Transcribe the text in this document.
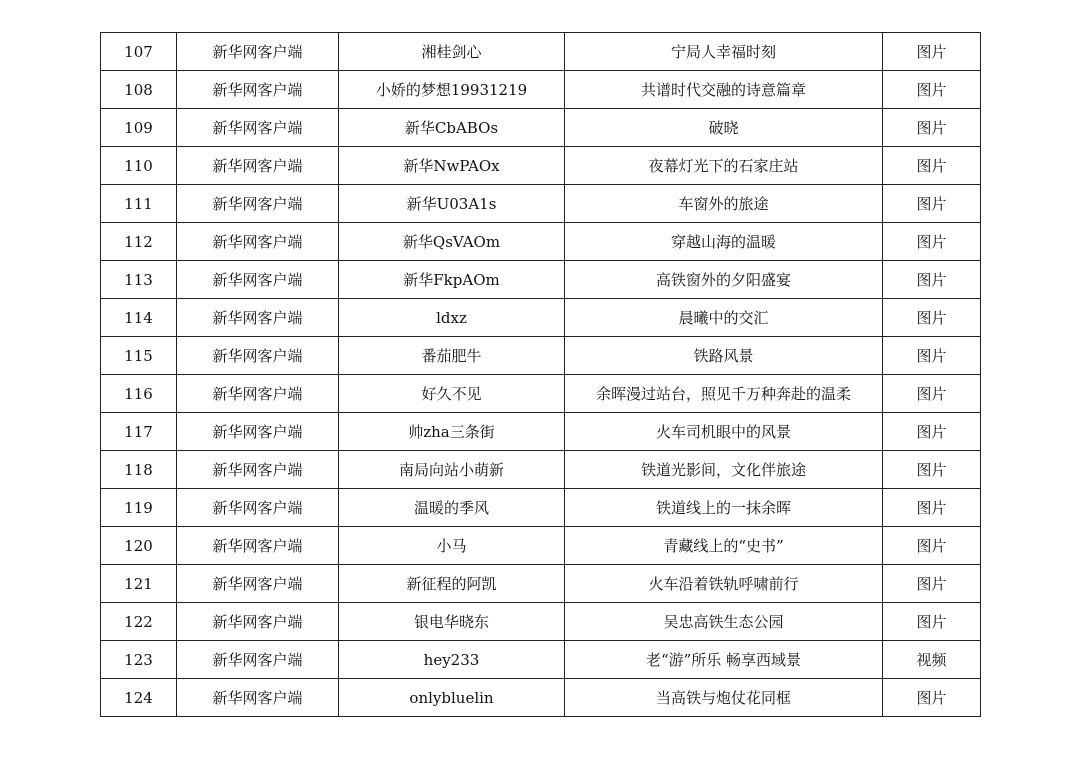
107	新华网客户端	湘桂剑心	宁局人幸福时刻	图片
108	新华网客户端	小娇的梦想19931219	共谱时代交融的诗意篇章	图片
109	新华网客户端	新华CbABOs	破晓	图片
110	新华网客户端	新华NwPAOx	夜幕灯光下的石家庄站	图片
111	新华网客户端	新华U03A1s	车窗外的旅途	图片
112	新华网客户端	新华QsVAOm	穿越山海的温暖	图片
113	新华网客户端	新华FkpAOm	高铁窗外的夕阳盛宴	图片
114	新华网客户端	ldxz	晨曦中的交汇	图片
115	新华网客户端	番茄肥牛	铁路风景	图片
116	新华网客户端	好久不见	余晖漫过站台，照见千万种奔赴的温柔	图片
117	新华网客户端	帅zha三条街	火车司机眼中的风景	图片
118	新华网客户端	南局向站小萌新	铁道光影间，文化伴旅途	图片
119	新华网客户端	温暖的季风	铁道线上的一抹余晖	图片
120	新华网客户端	小马	青藏线上的“史书”	图片
121	新华网客户端	新征程的阿凯	火车沿着铁轨呼啸前行	图片
122	新华网客户端	银电华晓东	吴忠高铁生态公园	图片
123	新华网客户端	hey233	老“游”所乐 畅享西域景	视频
124	新华网客户端	onlybluelin	当高铁与炮仗花同框	图片
